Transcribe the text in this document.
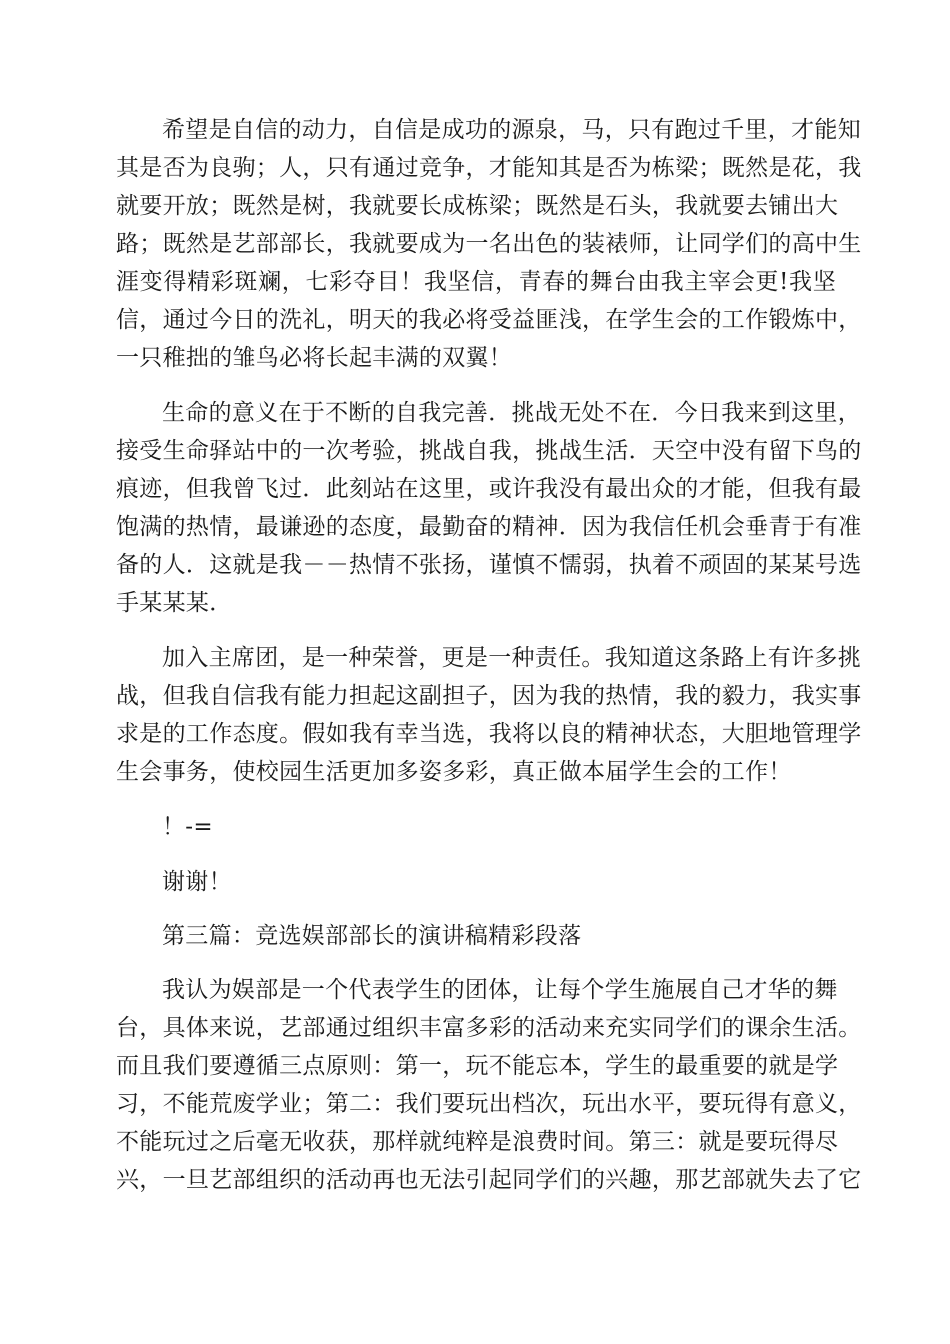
希望是自信的动力，自信是成功的源泉，马，只有跑过千里，才能知
其是否为良驹；人，只有通过竞争，才能知其是否为栋梁；既然是花，我
就要开放；既然是树，我就要长成栋梁；既然是石头，我就要去铺出大
路；既然是艺部部长，我就要成为一名出色的装裱师，让同学们的高中生
涯变得精彩斑斓，七彩夺目！我坚信，青春的舞台由我主宰会更!我坚
信，通过今日的洗礼，明天的我必将受益匪浅，在学生会的工作锻炼中，
一只稚拙的雏鸟必将长起丰满的双翼！
生命的意义在于不断的自我完善．挑战无处不在．今日我来到这里，
接受生命驿站中的一次考验，挑战自我，挑战生活．天空中没有留下鸟的
痕迹，但我曾飞过．此刻站在这里，或许我没有最出众的才能，但我有最
饱满的热情，最谦逊的态度，最勤奋的精神．因为我信任机会垂青于有准
备的人．这就是我－－热情不张扬，谨慎不懦弱，执着不顽固的某某号选
手某某某．
加入主席团，是一种荣誉，更是一种责任。我知道这条路上有许多挑
战，但我自信我有能力担起这副担子，因为我的热情，我的毅力，我实事
求是的工作态度。假如我有幸当选，我将以良的精神状态，大胆地管理学
生会事务，使校园生活更加多姿多彩，真正做本届学生会的工作！
！-=
谢谢！
第三篇：竞选娱部部长的演讲稿精彩段落
我认为娱部是一个代表学生的团体，让每个学生施展自己才华的舞
台，具体来说，艺部通过组织丰富多彩的活动来充实同学们的课余生活。
而且我们要遵循三点原则：第一，玩不能忘本，学生的最重要的就是学
习，不能荒废学业；第二：我们要玩出档次，玩出水平，要玩得有意义，
不能玩过之后毫无收获，那样就纯粹是浪费时间。第三：就是要玩得尽
兴，一旦艺部组织的活动再也无法引起同学们的兴趣，那艺部就失去了它
